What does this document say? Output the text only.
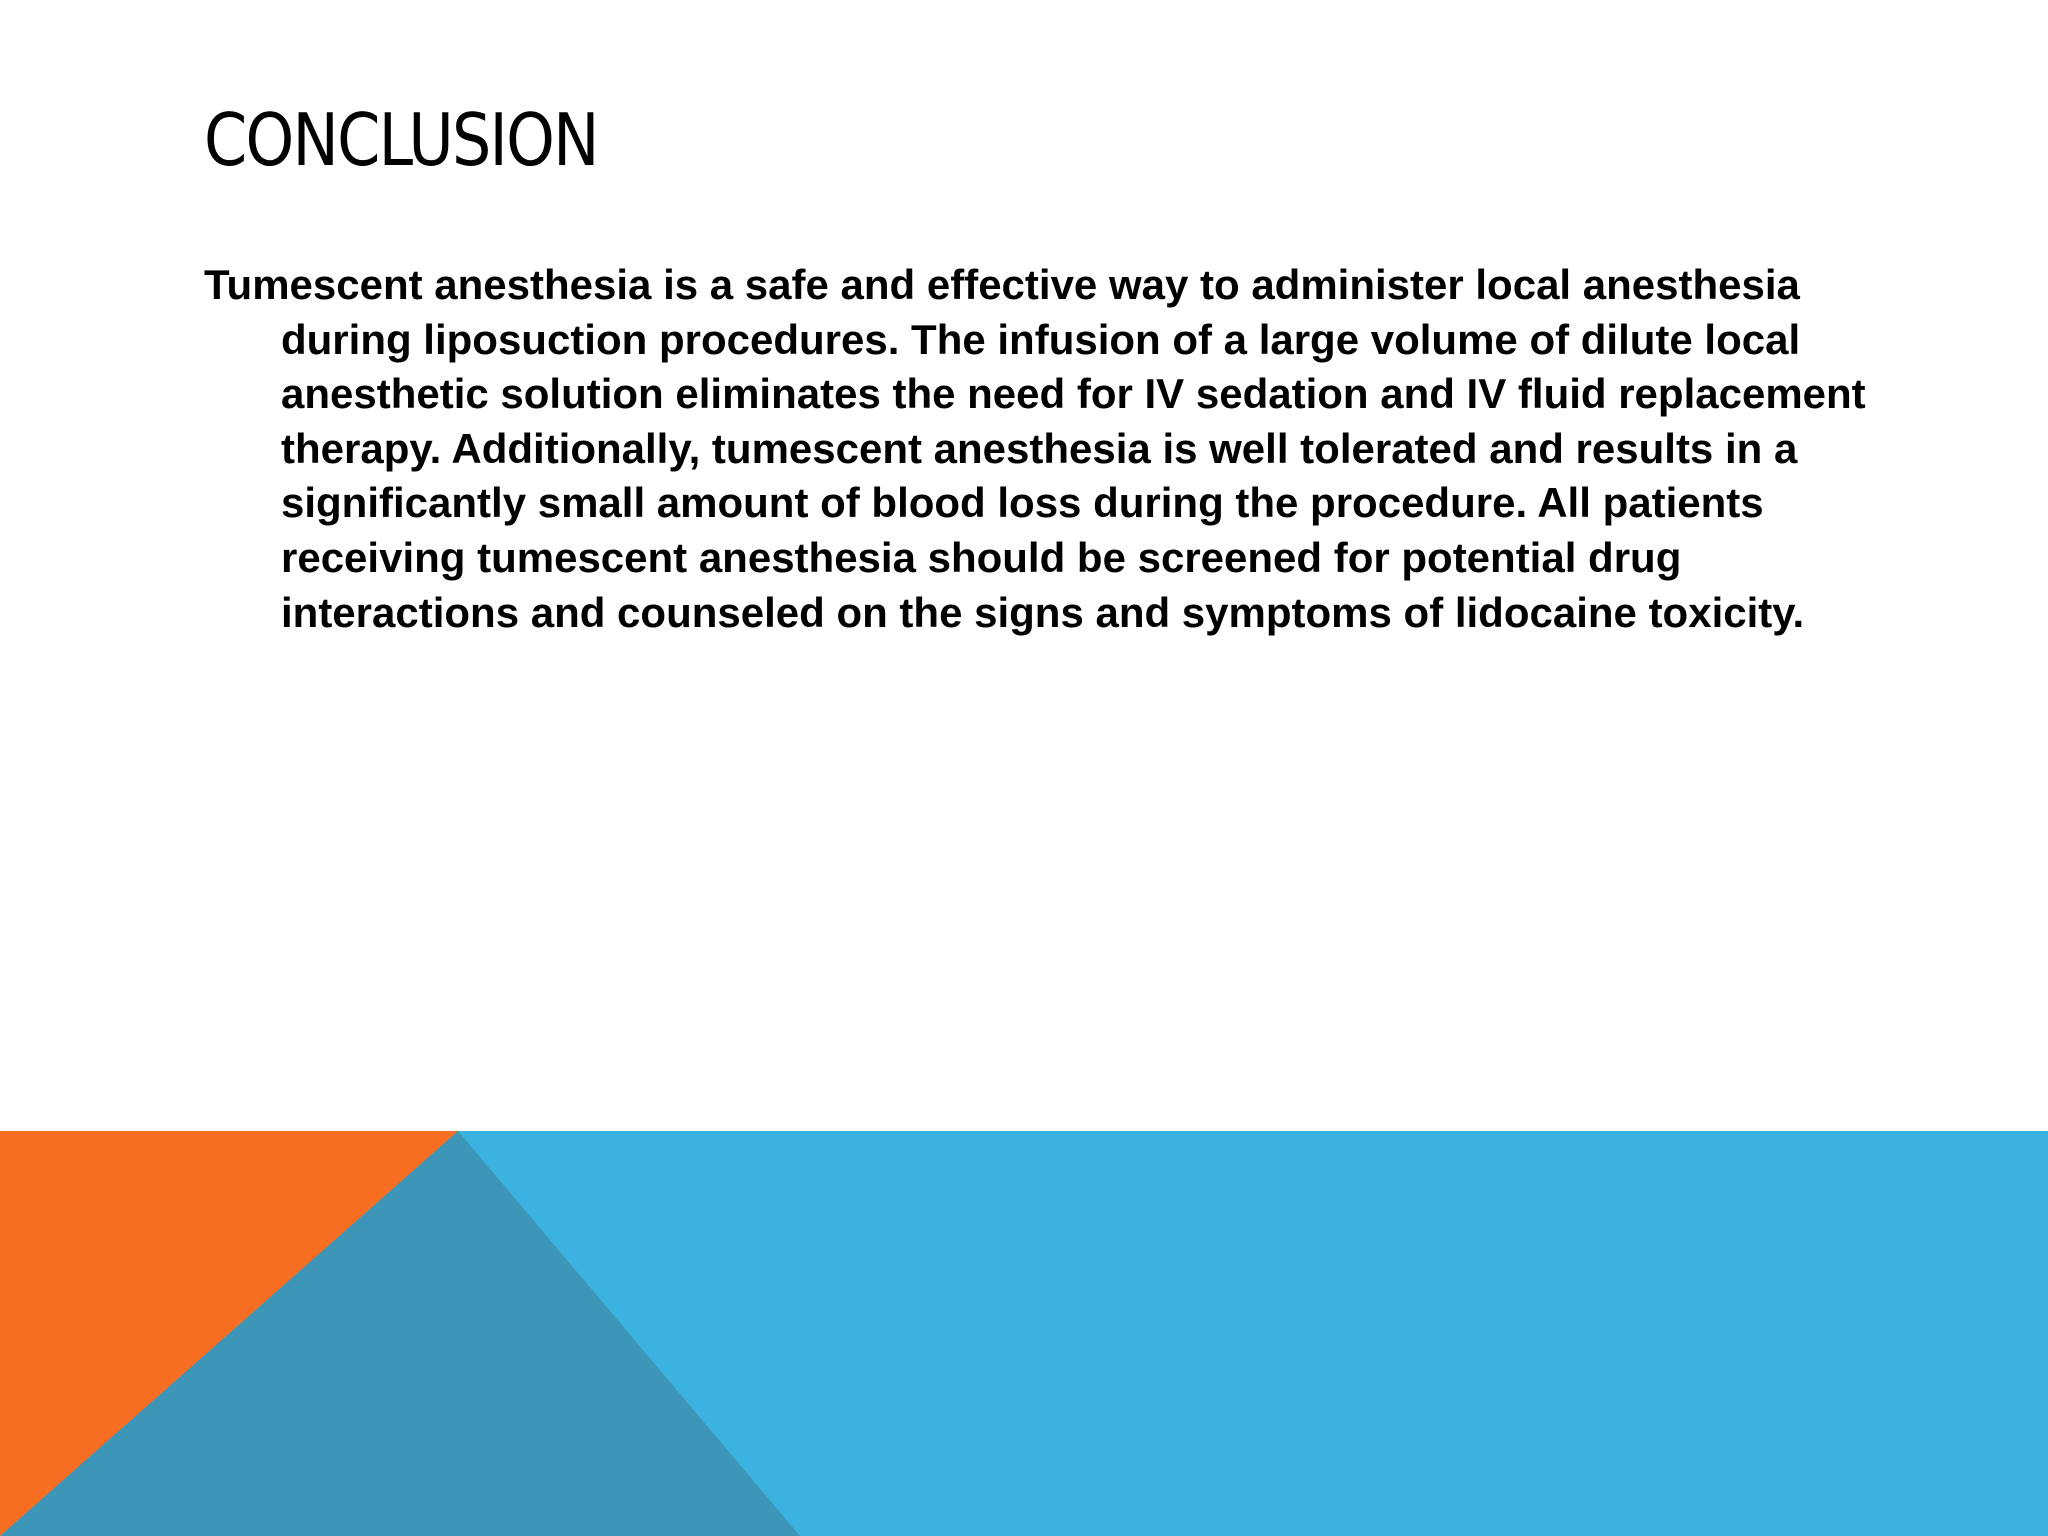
CONCLUSION

Tumescent anesthesia is a safe and effective way to administer local anesthesia during liposuction procedures. The infusion of a large volume of dilute local anesthetic solution eliminates the need for IV sedation and IV fluid replacement therapy. Additionally, tumescent anesthesia is well tolerated and results in a significantly small amount of blood loss during the procedure. All patients receiving tumescent anesthesia should be screened for potential drug interactions and counseled on the signs and symptoms of lidocaine toxicity.
